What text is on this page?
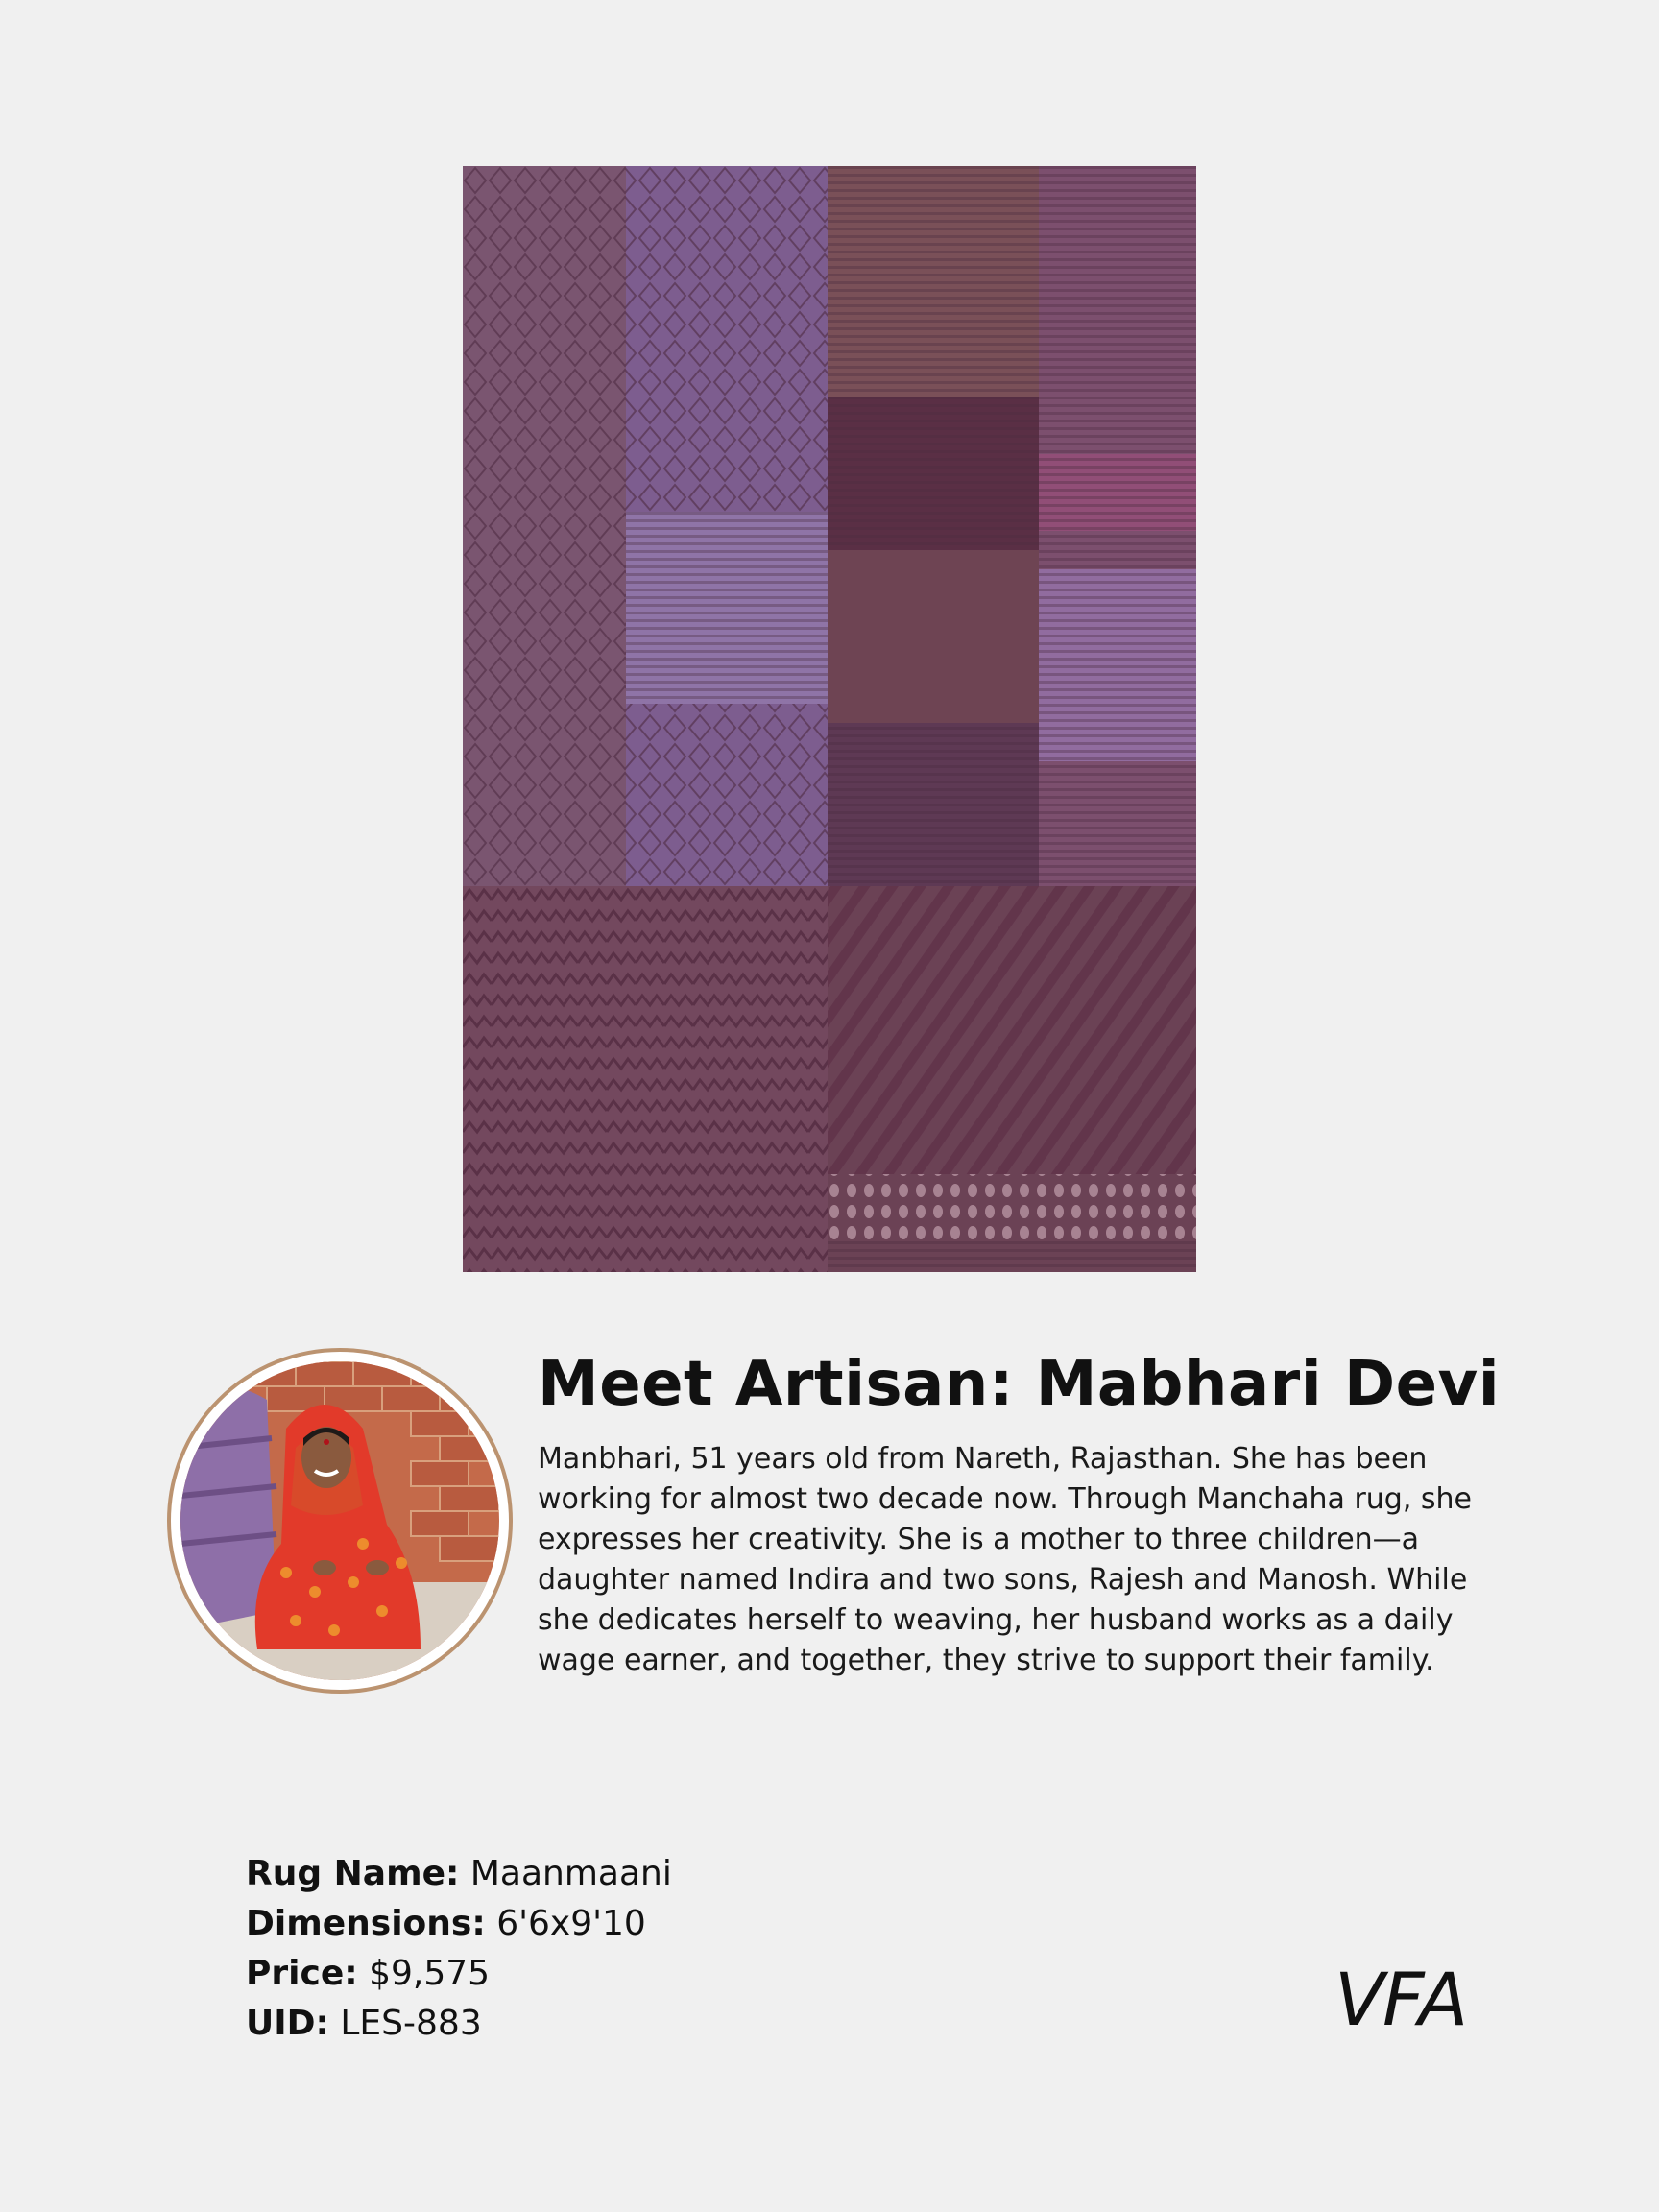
Meet Artisan: Mabhari Devi

Manbhari, 51 years old from Nareth, Rajasthan. She has been working for almost two decade now. Through Manchaha rug, she expresses her creativity. She is a mother to three children—a daughter named Indira and two sons, Rajesh and Manosh. While she dedicates herself to weaving, her husband works as a daily wage earner, and together, they strive to support their family.

Rug Name: Maanmaani
Dimensions: 6'6x9'10
Price: $9,575
UID: LES-883	VFA
